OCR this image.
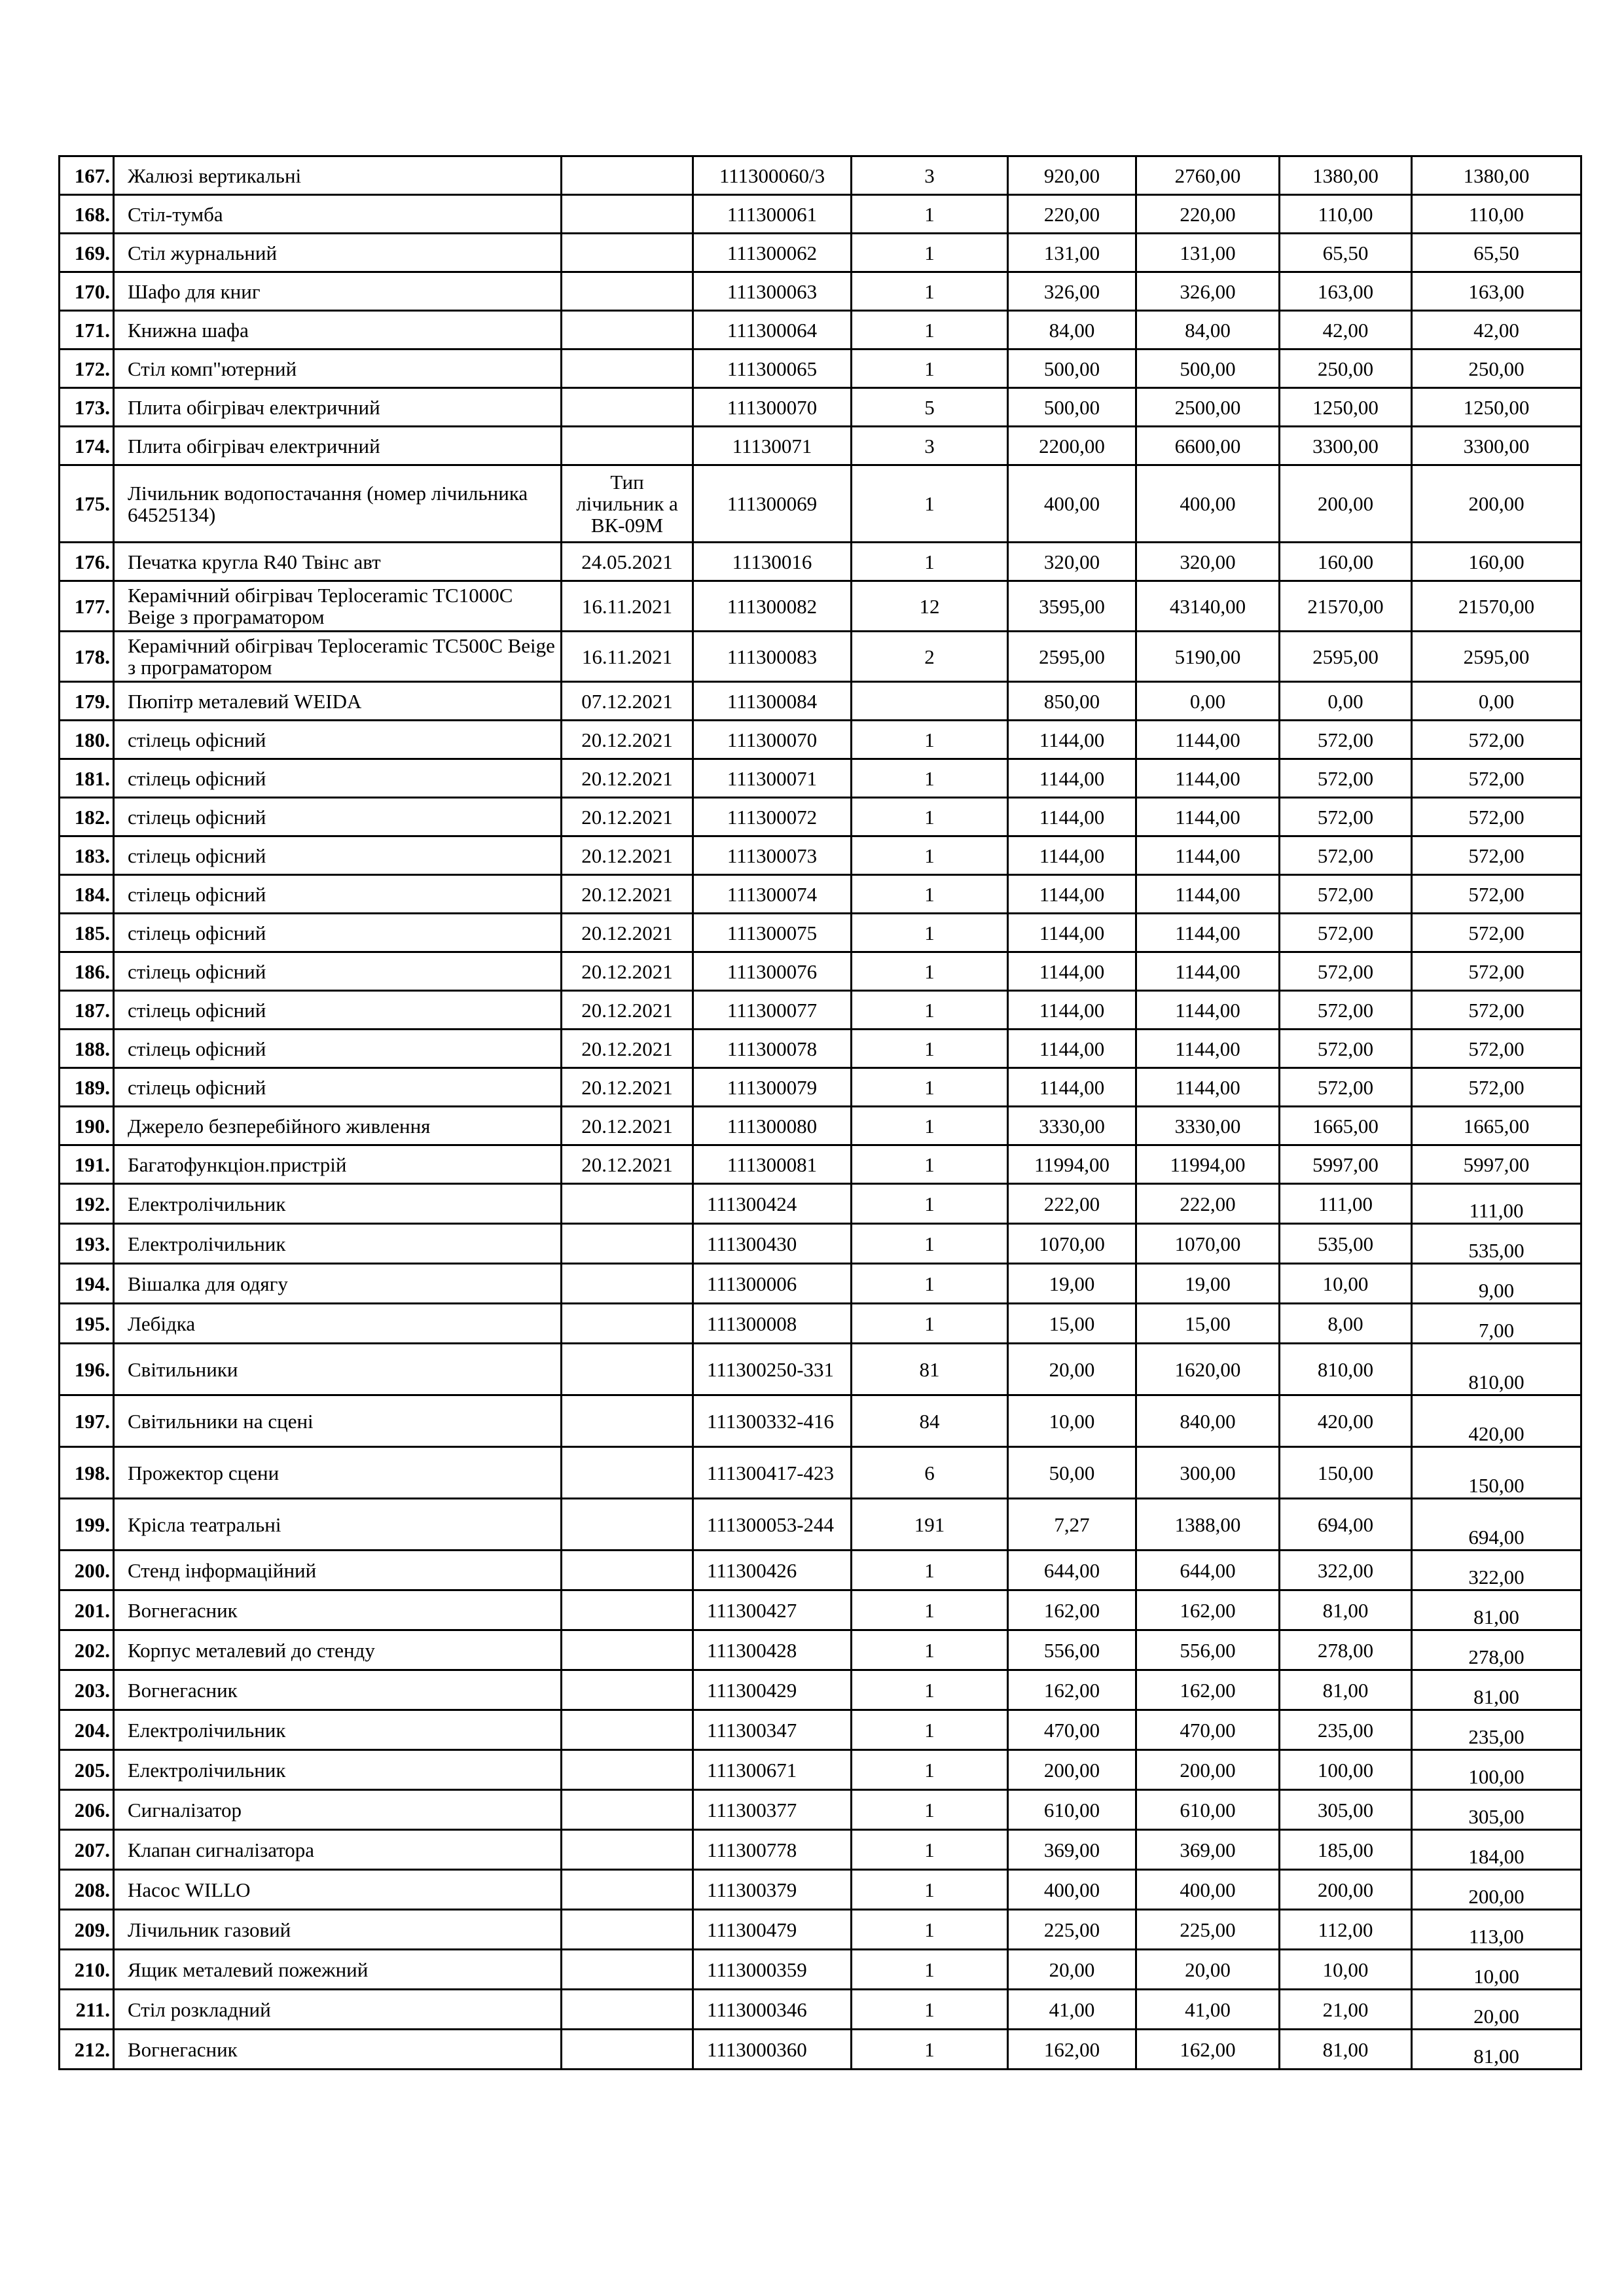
167.	Жалюзі вертикальні		111300060/3	3	920,00	2760,00	1380,00	1380,00
168.	Стіл-тумба		111300061	1	220,00	220,00	110,00	110,00
169.	Стіл журнальний		111300062	1	131,00	131,00	65,50	65,50
170.	Шафо для книг		111300063	1	326,00	326,00	163,00	163,00
171.	Книжна шафа		111300064	1	84,00	84,00	42,00	42,00
172.	Стіл комп"ютерний		111300065	1	500,00	500,00	250,00	250,00
173.	Плита обігрівач електричний		111300070	5	500,00	2500,00	1250,00	1250,00
174.	Плита обігрівач електричний		11130071	3	2200,00	6600,00	3300,00	3300,00
175.	Лічильник водопостачання (номер лічильника 64525134)	Тип лічильник а ВК-09М	111300069	1	400,00	400,00	200,00	200,00
176.	Печатка кругла R40 Твінс авт	24.05.2021	11130016	1	320,00	320,00	160,00	160,00
177.	Керамічний обігрівач Teploceramic TC1000C Beige з програматором	16.11.2021	111300082	12	3595,00	43140,00	21570,00	21570,00
178.	Керамічний обігрівач Teploceramic TC500C Beige з програматором	16.11.2021	111300083	2	2595,00	5190,00	2595,00	2595,00
179.	Пюпітр металевий WEIDA	07.12.2021	111300084		850,00	0,00	0,00	0,00
180.	стілець офісний	20.12.2021	111300070	1	1144,00	1144,00	572,00	572,00
181.	стілець офісний	20.12.2021	111300071	1	1144,00	1144,00	572,00	572,00
182.	стілець офісний	20.12.2021	111300072	1	1144,00	1144,00	572,00	572,00
183.	стілець офісний	20.12.2021	111300073	1	1144,00	1144,00	572,00	572,00
184.	стілець офісний	20.12.2021	111300074	1	1144,00	1144,00	572,00	572,00
185.	стілець офісний	20.12.2021	111300075	1	1144,00	1144,00	572,00	572,00
186.	стілець офісний	20.12.2021	111300076	1	1144,00	1144,00	572,00	572,00
187.	стілець офісний	20.12.2021	111300077	1	1144,00	1144,00	572,00	572,00
188.	стілець офісний	20.12.2021	111300078	1	1144,00	1144,00	572,00	572,00
189.	стілець офісний	20.12.2021	111300079	1	1144,00	1144,00	572,00	572,00
190.	Джерело безперебійного живлення	20.12.2021	111300080	1	3330,00	3330,00	1665,00	1665,00
191.	Багатофункціон.пристрій	20.12.2021	111300081	1	11994,00	11994,00	5997,00	5997,00
192.	Електролічильник		111300424	1	222,00	222,00	111,00	111,00
193.	Електролічильник		111300430	1	1070,00	1070,00	535,00	535,00
194.	Вішалка для одягу		111300006	1	19,00	19,00	10,00	9,00
195.	Лебідка		111300008	1	15,00	15,00	8,00	7,00
196.	Світильники		111300250-331	81	20,00	1620,00	810,00	810,00
197.	Світильники на сцені		111300332-416	84	10,00	840,00	420,00	420,00
198.	Прожектор сцени		111300417-423	6	50,00	300,00	150,00	150,00
199.	Крісла театральні		111300053-244	191	7,27	1388,00	694,00	694,00
200.	Стенд інформаційний		111300426	1	644,00	644,00	322,00	322,00
201.	Вогнегасник		111300427	1	162,00	162,00	81,00	81,00
202.	Корпус металевий до стенду		111300428	1	556,00	556,00	278,00	278,00
203.	Вогнегасник		111300429	1	162,00	162,00	81,00	81,00
204.	Електролічильник		111300347	1	470,00	470,00	235,00	235,00
205.	Електролічильник		111300671	1	200,00	200,00	100,00	100,00
206.	Сигналізатор		111300377	1	610,00	610,00	305,00	305,00
207.	Клапан сигналізатора		111300778	1	369,00	369,00	185,00	184,00
208.	Насос WILLO		111300379	1	400,00	400,00	200,00	200,00
209.	Лічильник газовий		111300479	1	225,00	225,00	112,00	113,00
210.	Ящик металевий пожежний		1113000359	1	20,00	20,00	10,00	10,00
211.	Стіл розкладний		1113000346	1	41,00	41,00	21,00	20,00
212.	Вогнегасник		1113000360	1	162,00	162,00	81,00	81,00
